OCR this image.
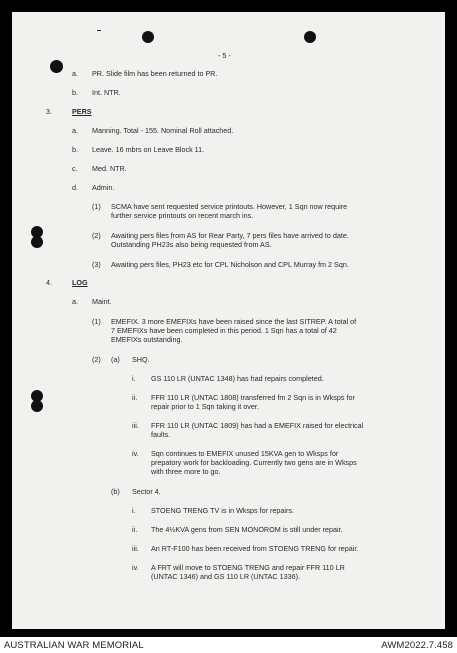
- 5 -
a. PR. Slide film has been returned to PR.
b. Int. NTR.
3.	PERS
a. Manning. Total - 155. Nominal Roll attached.
b. Leave. 16 mbrs on Leave Block 11.
c. Med. NTR.
d. Admin.
(1) SCMA have sent requested service printouts. However, 1 Sqn now require
further service printouts on recent march ins.
(2) Awaiting pers files from AS for Rear Party, 7 pers files have arrived to date.
Outstanding PH23s also being requested from AS.
(3) Awaiting pers files, PH23 etc for CPL Nicholson and CPL Murray fm 2 Sqn.
4.	LOG
a. Maint.
(1) EMEFIX. 3 more EMEFIXs have been raised since the last SITREP. A total of
7 EMEFIXs have been completed in this period. 1 Sqn has a total of 42
EMEFIXs outstanding.
(2) (a) SHQ.
i. GS 110 LR (UNTAC 1348) has had repairs completed.
ii. FFR 110 LR (UNTAC 1808) transferred fm 2 Sqn is in Wksps for
repair prior to 1 Sqn taking it over.
iii. FFR 110 LR (UNTAC 1809) has had a EMEFIX raised for electrical
faults.
iv. Sqn continues to EMEFIX unused 15KVA gen to Wksps for
prepatory work for backloading. Currently two gens are in Wksps
with three more to go.
(b) Sector 4.
i. STOENG TRENG TV is in Wksps for repairs.
ii. The 4½KVA gens from SEN MONOROM is still under repair.
iii. An RT-F100 has been received from STOENG TRENG for repair.
iv. A FRT will move to STOENG TRENG and repair FFR 110 LR
(UNTAC 1346) and GS 110 LR (UNTAC 1336).
AUSTRALIAN WAR MEMORIAL	AWM2022.7.458
